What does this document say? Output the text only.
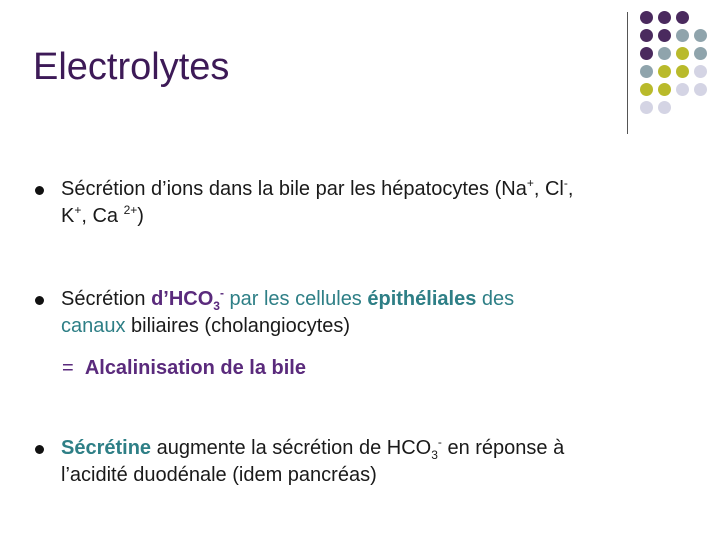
Electrolytes
Sécrétion d’ions dans la bile par les hépatocytes (Na+, Cl-,
K+, Ca $^{2+}$)
Sécrétion $d’HCO_3^-$ par les cellules épithéliales des
canaux biliaires (cholangiocytes)

= Alcalinisation de la bile

Sécrétine augmente la sécrétion de $HCO_3^-$ en réponse à
l’acidité duodénale (idem pancréas)
